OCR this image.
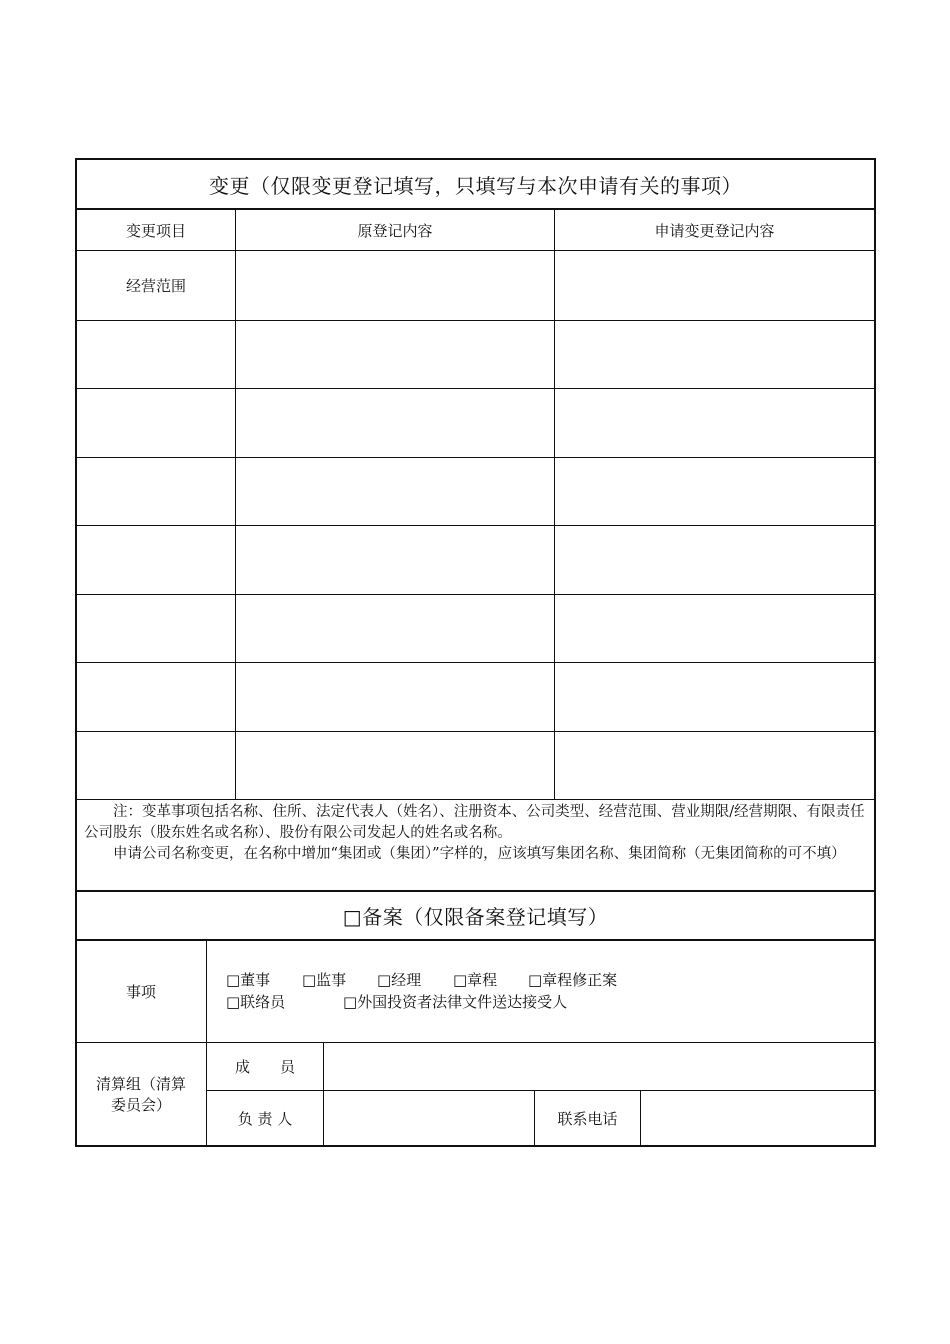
变更（仅限变更登记填写，只填写与本次申请有关的事项）
变更项目	原登记内容	申请变更登记内容
经营范围

注：变革事项包括名称、住所、法定代表人（姓名）、注册资本、公司类型、经营范围、营业期限/经营期限、有限责任公司股东（股东姓名或名称）、股份有限公司发起人的姓名或名称。

申请公司名称变更，在名称中增加“集团或（集团）”字样的，应该填写集团名称、集团简称（无集团简称的可不填）

□备案（仅限备案登记填写）
事项
□董事 □监事 □经理 □章程 □章程修正案
□联络员	□外国投资者法律文件送达接受人
清算组（清算委员会）
成　　员
负 责 人	联系电话
